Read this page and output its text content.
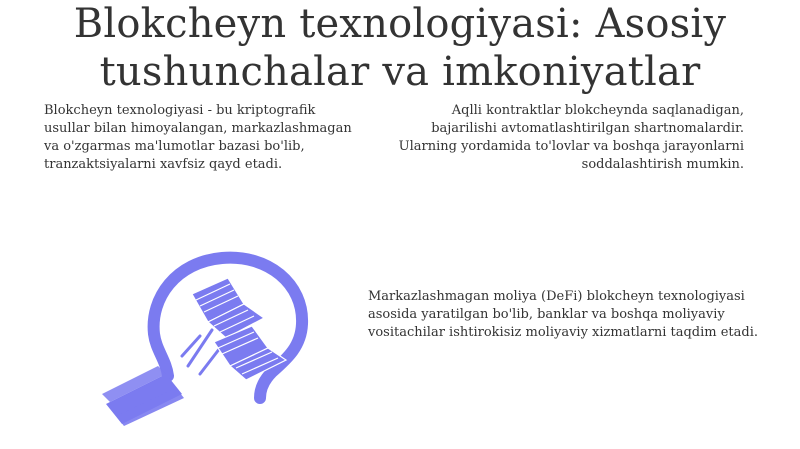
Blokcheyn texnologiyasi: Asosiy
tushunchalar va imkoniyatlar

Blokcheyn texnologiyasi - bu kriptografik usullar bilan himoyalangan, markazlashmagan va o'zgarmas ma'lumotlar bazasi bo'lib, tranzaktsiyalarni xavfsiz qayd etadi.

Aqlli kontraktlar blokcheynda saqlanadigan, bajarilishi avtomatlashtirilgan shartnomalardir. Ularning yordamida to'lovlar va boshqa jarayonlarni soddalashtirish mumkin.

Markazlashmagan moliya (DeFi) blokcheyn texnologiyasi asosida yaratilgan bo'lib, banklar va boshqa moliyaviy vositachilar ishtirokisiz moliyaviy xizmatlarni taqdim etadi.
